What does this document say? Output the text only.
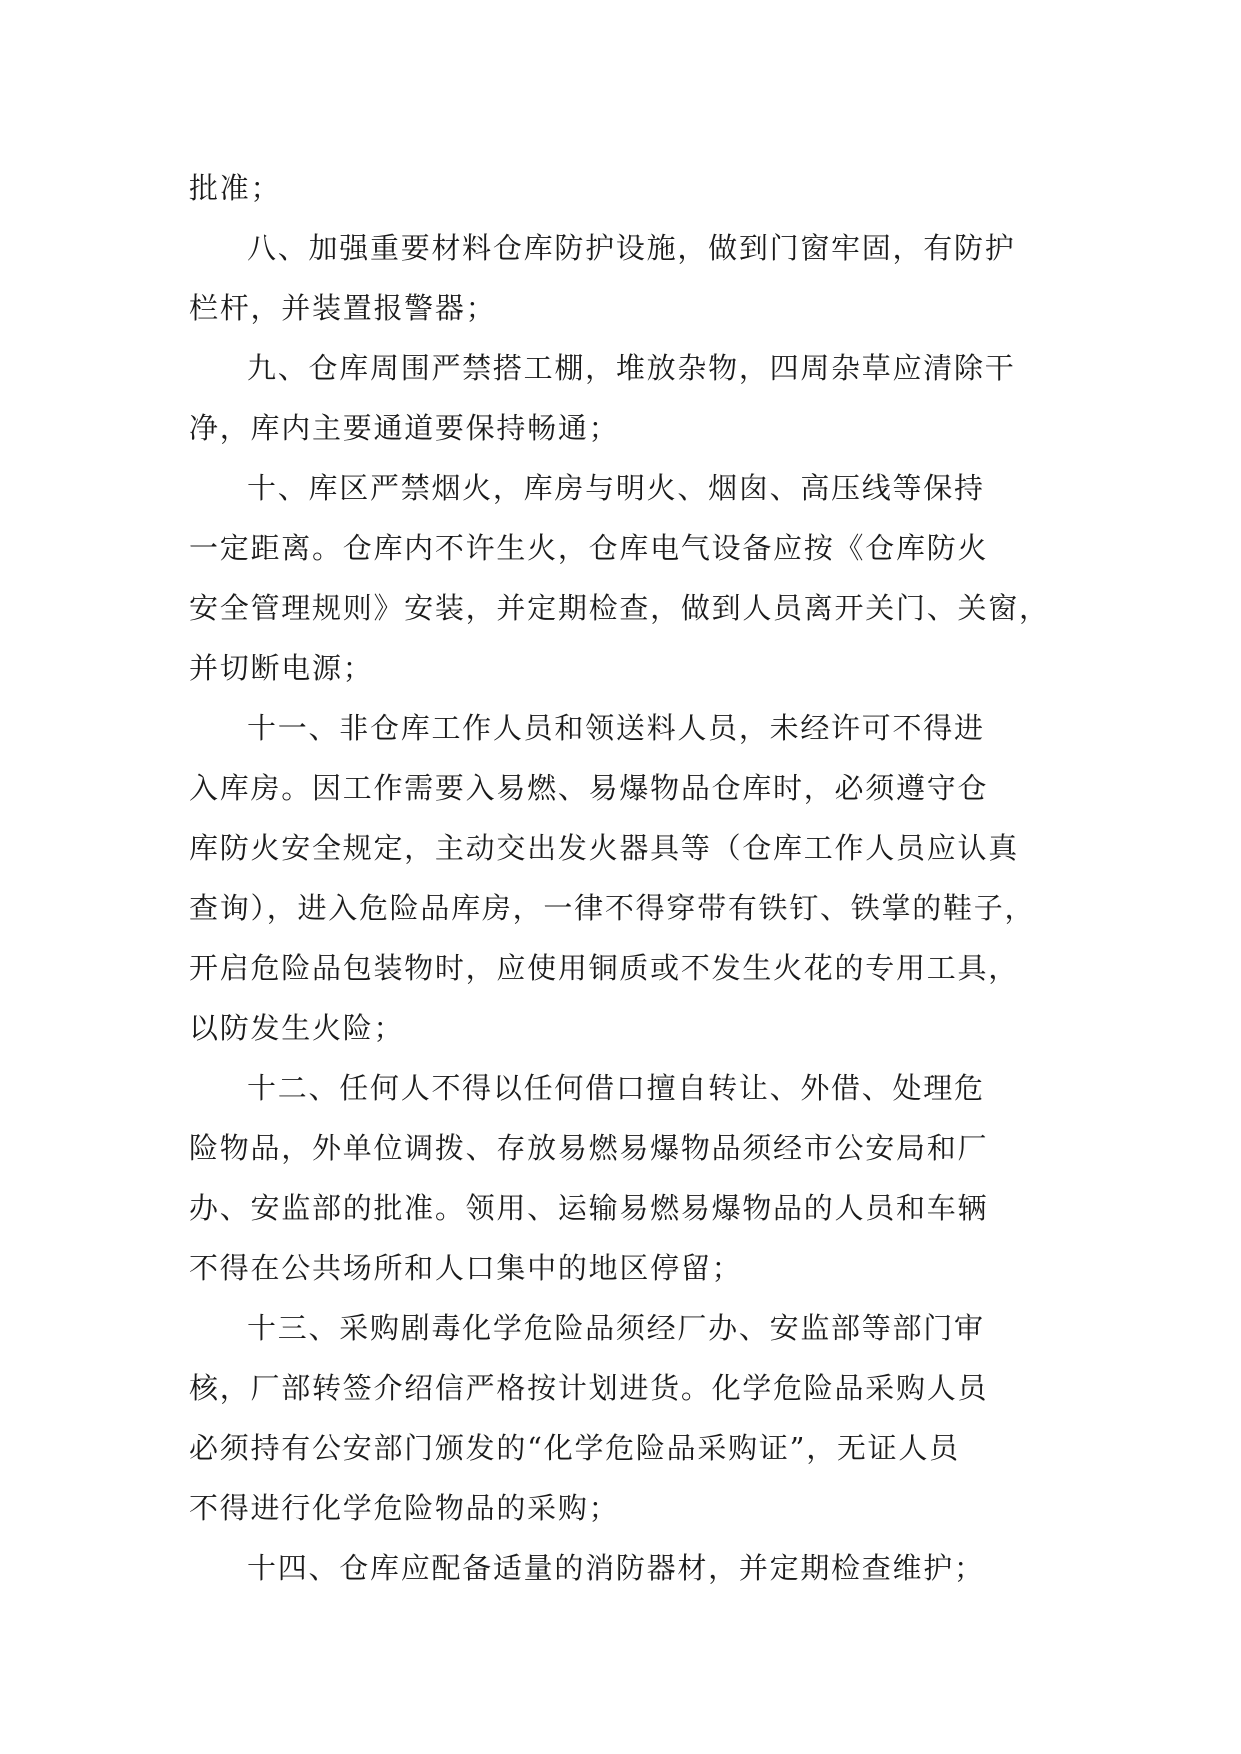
批准；

八、加强重要材料仓库防护设施，做到门窗牢固，有防护
栏杆，并装置报警器；

九、仓库周围严禁搭工棚，堆放杂物，四周杂草应清除干
净，库内主要通道要保持畅通；

十、库区严禁烟火，库房与明火、烟囱、高压线等保持
一定距离。仓库内不许生火，仓库电气设备应按《仓库防火
安全管理规则》安装，并定期检查，做到人员离开关门、关窗，
并切断电源；

十一、非仓库工作人员和领送料人员，未经许可不得进
入库房。因工作需要入易燃、易爆物品仓库时，必须遵守仓
库防火安全规定，主动交出发火器具等（仓库工作人员应认真
查询），进入危险品库房，一律不得穿带有铁钉、铁掌的鞋子，
开启危险品包装物时，应使用铜质或不发生火花的专用工具，
以防发生火险；

十二、任何人不得以任何借口擅自转让、外借、处理危
险物品，外单位调拨、存放易燃易爆物品须经市公安局和厂
办、安监部的批准。领用、运输易燃易爆物品的人员和车辆
不得在公共场所和人口集中的地区停留；

十三、采购剧毒化学危险品须经厂办、安监部等部门审
核，厂部转签介绍信严格按计划进货。化学危险品采购人员
必须持有公安部门颁发的“化学危险品采购证”，无证人员
不得进行化学危险物品的采购；

十四、仓库应配备适量的消防器材，并定期检查维护；
